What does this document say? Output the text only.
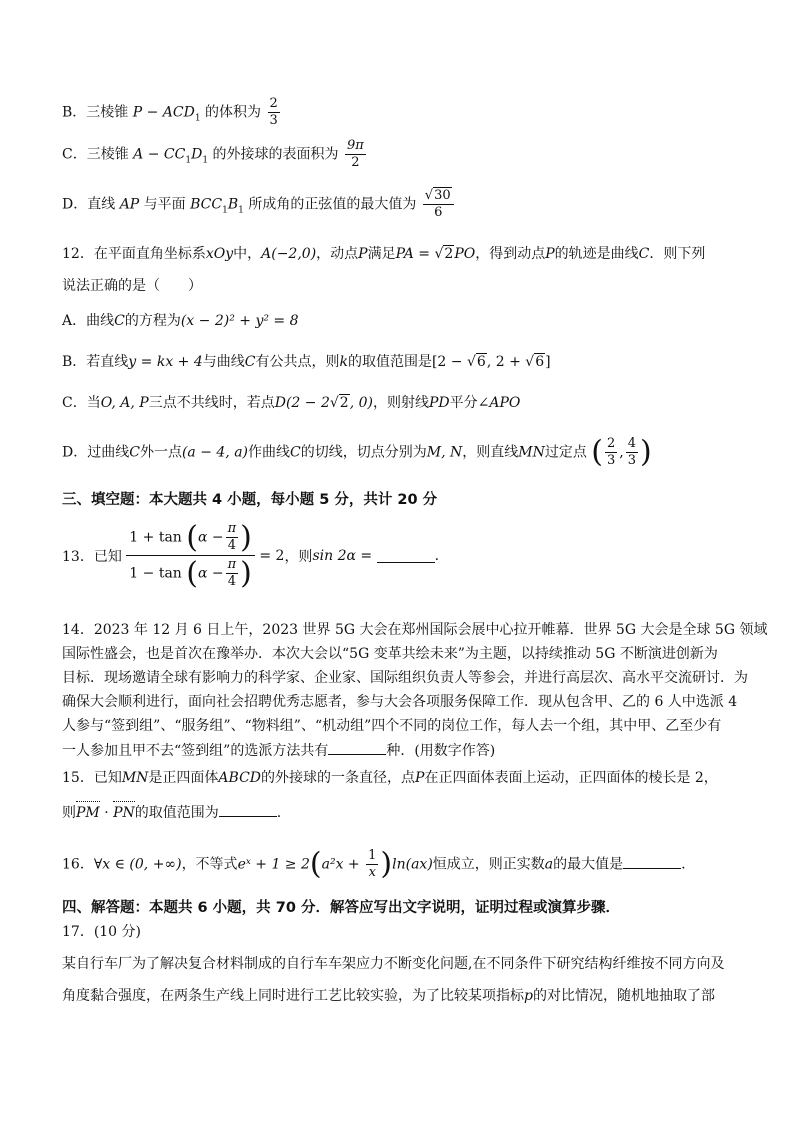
B．三棱锥 $P - ACD_1$ 的体积为 $\frac{2}{3}$
C．三棱锥 $A - CC_1D_1$ 的外接球的表面积为 $\frac{9\pi}{2}$
D．直线 AP 与平面 $BCC_1B_1$ 所成角的正弦值的最大值为 $\frac{√30}{6}$
12．在平面直角坐标系xOy中，A(−2,0)，动点P满足PA = √2PO，得到动点P的轨迹是曲线C．则下列
说法正确的是（　　）
A．曲线C的方程为(x − 2)² + y² = 8
B．若直线y = kx + 4与曲线C有公共点，则k的取值范围是[2 − √6, 2 + √6]
C．当O, A, P三点不共线时，若点D(2 − 2√2, 0)，则射线PD平分∠APO
D．过曲线C外一点(a − 4, a)作曲线C的切线，切点分别为M, N，则直线MN过定点 ( $\frac{2}{3}$ , $\frac{4}{3}$ )
三、填空题：本大题共 4 小题，每小题 5 分，共计 20 分
13．已知 $\frac{1 + \tan (\alpha - \frac{\pi}{4} )}{1 - \tan (\alpha - \frac{\pi}{4} )} = 2$，则sin 2α =	.
14．2023 年 12 月 6 日上午，2023 世界 5G 大会在郑州国际会展中心拉开帷幕．世界 5G 大会是全球 5G 领域
国际性盛会，也是首次在豫举办．本次大会以“5G 变革共绘未来”为主题，以持续推动 5G 不断演进创新为
目标．现场邀请全球有影响力的科学家、企业家、国际组织负责人等参会，并进行高层次、高水平交流研讨．为
确保大会顺利进行，面向社会招聘优秀志愿者，参与大会各项服务保障工作．现从包含甲、乙的 6 人中选派 4
人参与“签到组”、“服务组”、“物料组”、“机动组”四个不同的岗位工作，每人去一个组，其中甲、乙至少有
一人参加且甲不去“签到组”的选派方法共有	种．(用数字作答)
15．已知MN是正四面体ABCD的外接球的一条直径，点P在正四面体表面上运动，正四面体的棱长是 2，
则PM · PN的取值范围为	.
16．∀x ∈ (0, +∞)，不等式eˣ + $1 \ge 2(a^2x + \frac{1}{x} )\ln(ax)$恒成立，则正实数a的最大值是	.
四、解答题：本题共 6 小题，共 70 分．解答应写出文字说明，证明过程或演算步骤．
17．(10 分)
某自行车厂为了解决复合材料制成的自行车车架应力不断变化问题,在不同条件下研究结构纤维按不同方向及
角度黏合强度，在两条生产线上同时进行工艺比较实验，为了比较某项指标p的对比情况，随机地抽取了部
